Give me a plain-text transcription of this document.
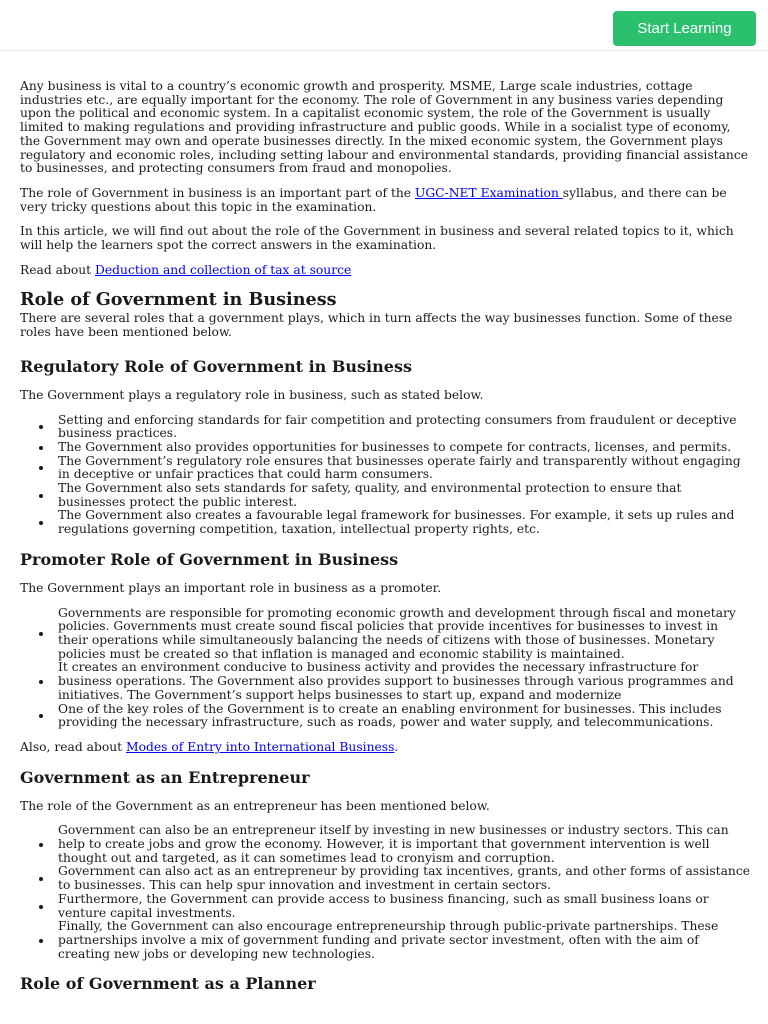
Start Learning

Any business is vital to a country’s economic growth and prosperity. MSME, Large scale industries, cottage industries etc., are equally important for the economy. The role of Government in any business varies depending upon the political and economic system. In a capitalist economic system, the role of the Government is usually limited to making regulations and providing infrastructure and public goods. While in a socialist type of economy, the Government may own and operate businesses directly. In the mixed economic system, the Government plays regulatory and economic roles, including setting labour and environmental standards, providing financial assistance to businesses, and protecting consumers from fraud and monopolies.

The role of Government in business is an important part of the UGC-NET Examination syllabus, and there can be very tricky questions about this topic in the examination.

In this article, we will find out about the role of the Government in business and several related topics to it, which will help the learners spot the correct answers in the examination.

Read about Deduction and collection of tax at source

Role of Government in Business

There are several roles that a government plays, which in turn affects the way businesses function. Some of these roles have been mentioned below.

Regulatory Role of Government in Business

The Government plays a regulatory role in business, such as stated below.

Setting and enforcing standards for fair competition and protecting consumers from fraudulent or deceptive business practices.
The Government also provides opportunities for businesses to compete for contracts, licenses, and permits.
The Government’s regulatory role ensures that businesses operate fairly and transparently without engaging in deceptive or unfair practices that could harm consumers.
The Government also sets standards for safety, quality, and environmental protection to ensure that businesses protect the public interest.
The Government also creates a favourable legal framework for businesses. For example, it sets up rules and regulations governing competition, taxation, intellectual property rights, etc.
Promoter Role of Government in Business

The Government plays an important role in business as a promoter.

Governments are responsible for promoting economic growth and development through fiscal and monetary policies. Governments must create sound fiscal policies that provide incentives for businesses to invest in their operations while simultaneously balancing the needs of citizens with those of businesses. Monetary policies must be created so that inflation is managed and economic stability is maintained.
It creates an environment conducive to business activity and provides the necessary infrastructure for business operations. The Government also provides support to businesses through various programmes and initiatives. The Government’s support helps businesses to start up, expand and modernize
One of the key roles of the Government is to create an enabling environment for businesses. This includes providing the necessary infrastructure, such as roads, power and water supply, and telecommunications.

Also, read about Modes of Entry into International Business.

Government as an Entrepreneur

The role of the Government as an entrepreneur has been mentioned below.

Government can also be an entrepreneur itself by investing in new businesses or industry sectors. This can help to create jobs and grow the economy. However, it is important that government intervention is well thought out and targeted, as it can sometimes lead to cronyism and corruption.
Government can also act as an entrepreneur by providing tax incentives, grants, and other forms of assistance to businesses. This can help spur innovation and investment in certain sectors.
Furthermore, the Government can provide access to business financing, such as small business loans or venture capital investments.
Finally, the Government can also encourage entrepreneurship through public-private partnerships. These partnerships involve a mix of government funding and private sector investment, often with the aim of creating new jobs or developing new technologies.
Role of Government as a Planner
